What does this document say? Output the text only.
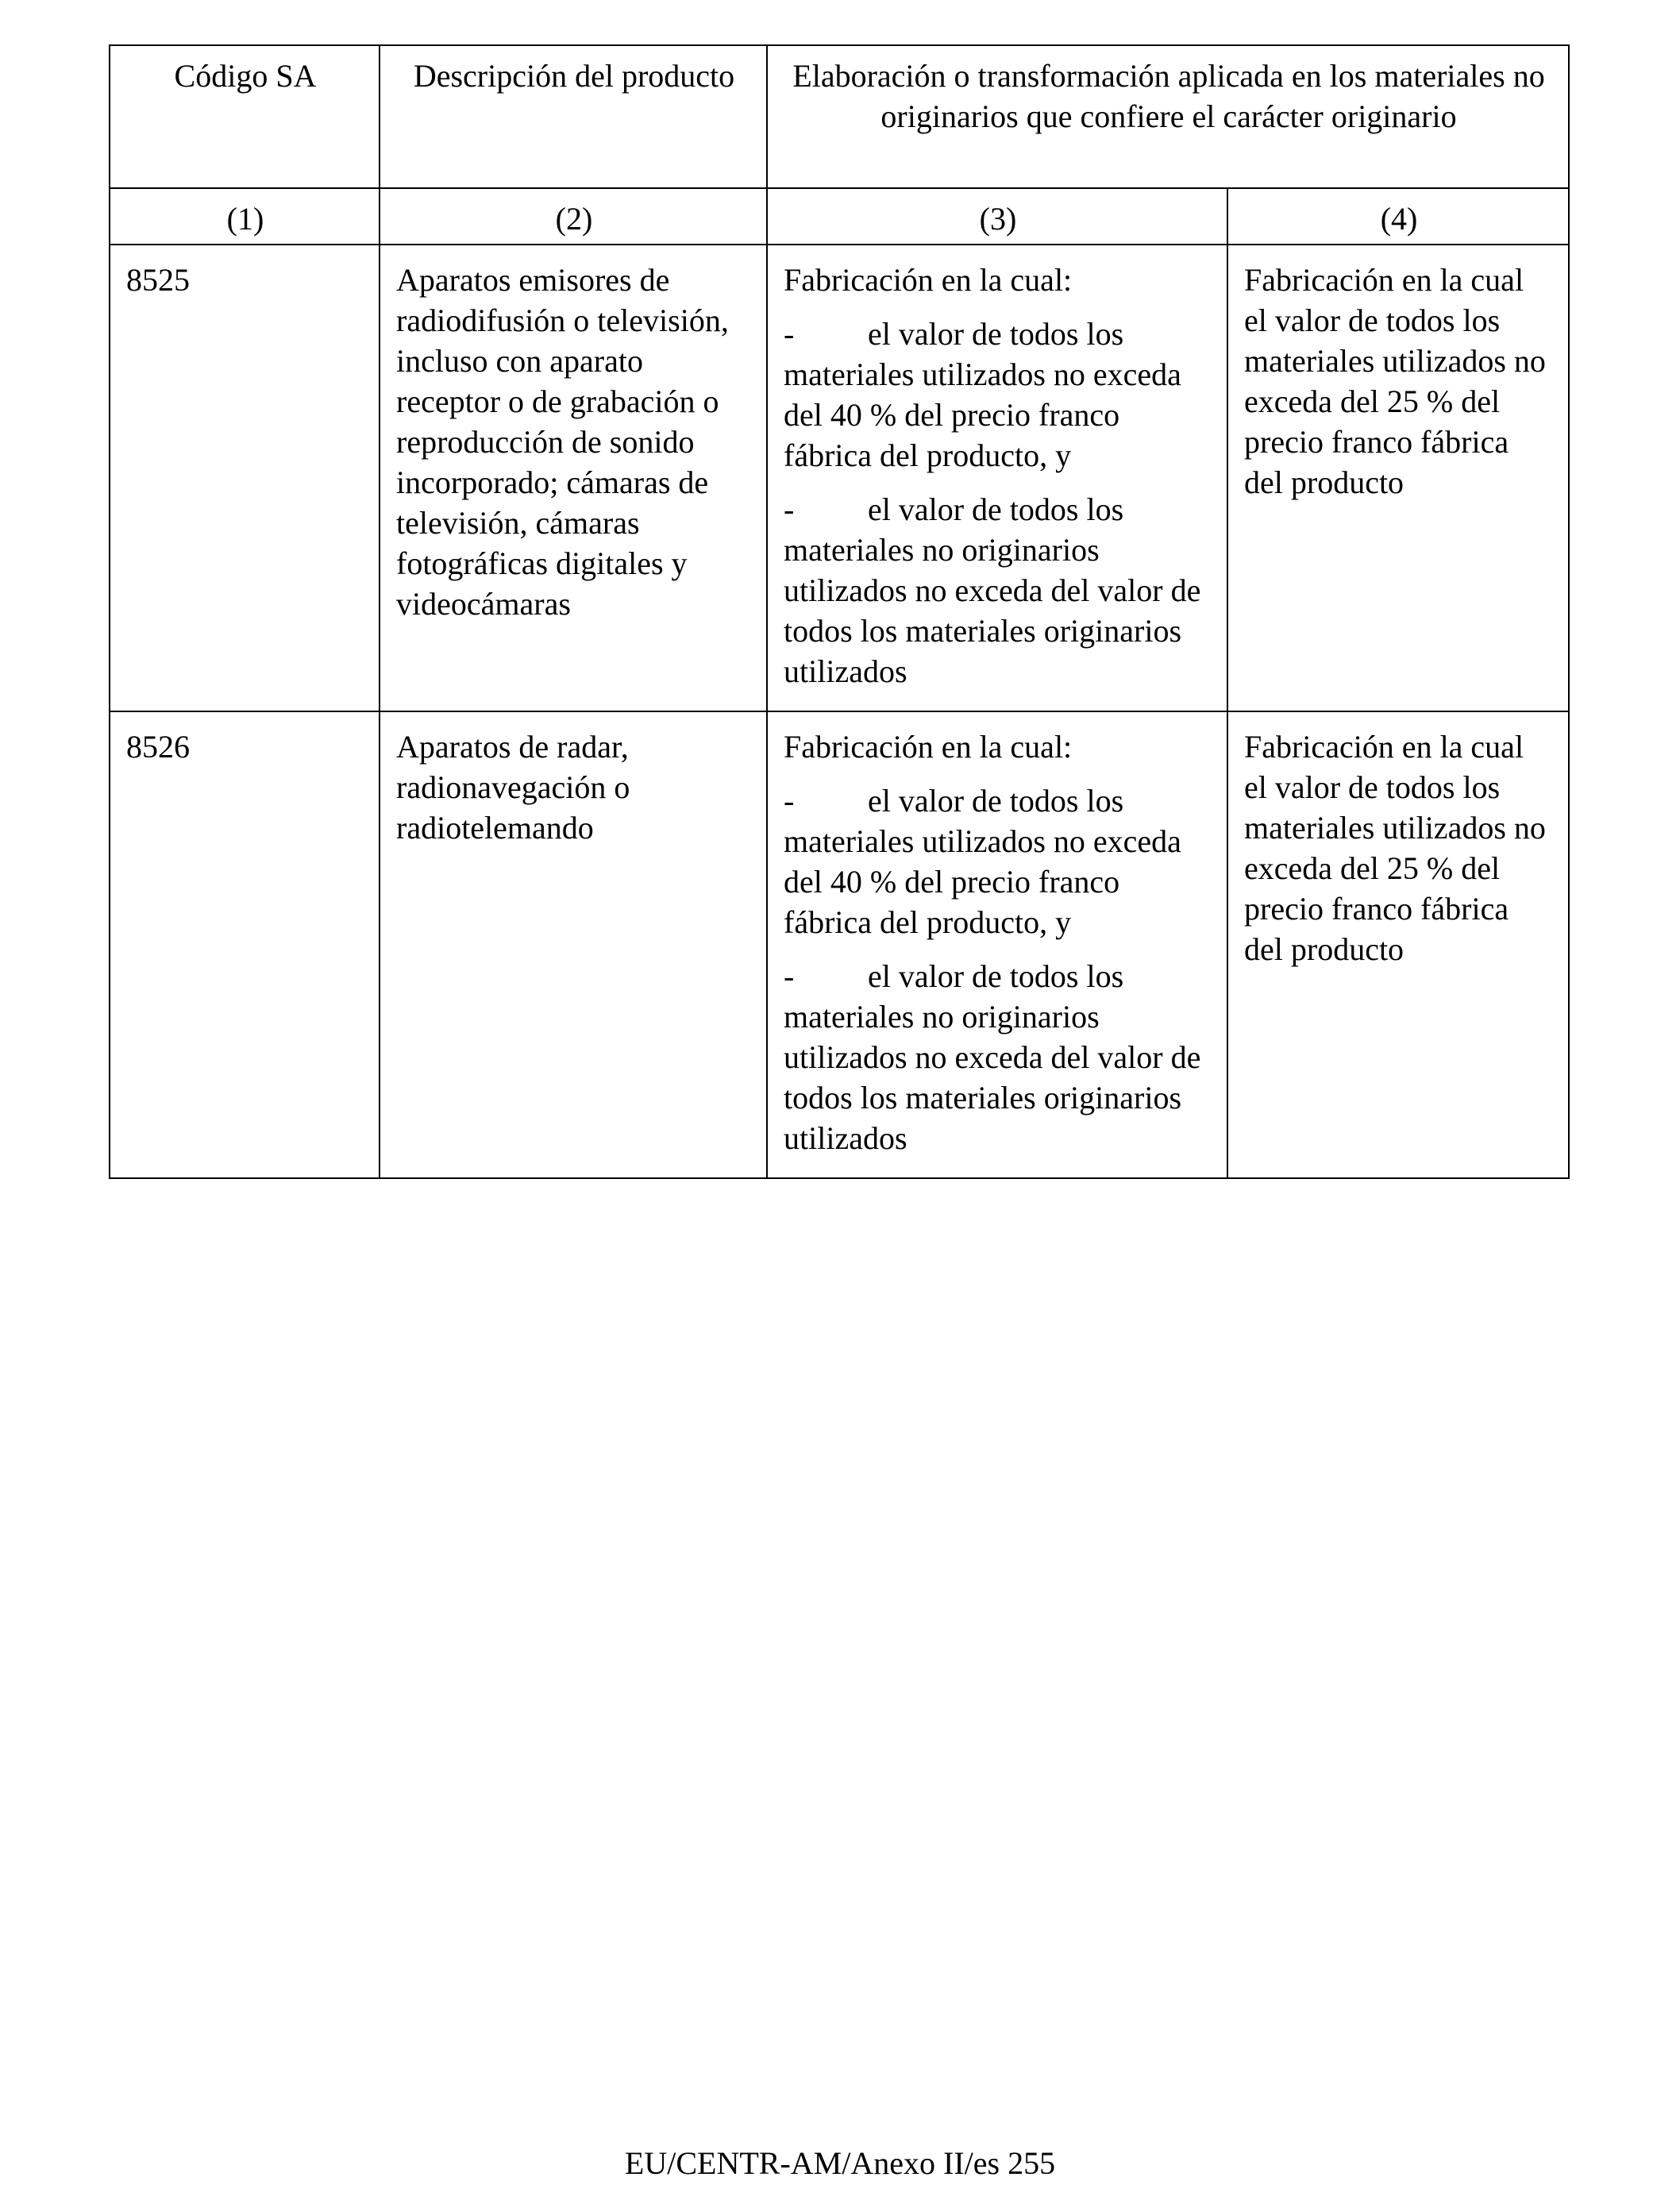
Código SA	Descripción del producto	Elaboración o transformación aplicada en los materiales no originarios que confiere el carácter originario	
(1)	(2)	(3)	(4)
8525	Aparatos emisores de radiodifusión o televisión, incluso con aparato receptor o de grabación o reproducción de sonido incorporado; cámaras de televisión, cámaras fotográficas digitales y videocámaras	Fabricación en la cual:
- el valor de todos los materiales utilizados no exceda del 40 % del precio franco fábrica del producto, y
- el valor de todos los materiales no originarios utilizados no exceda del valor de todos los materiales originarios utilizados	Fabricación en la cual el valor de todos los materiales utilizados no exceda del 25 % del precio franco fábrica del producto
8526	Aparatos de radar, radionavegación o radiotelemando	Fabricación en la cual:
- el valor de todos los materiales utilizados no exceda del 40 % del precio franco fábrica del producto, y
- el valor de todos los materiales no originarios utilizados no exceda del valor de todos los materiales originarios utilizados	Fabricación en la cual el valor de todos los materiales utilizados no exceda del 25 % del precio franco fábrica del producto
EU/CENTR-AM/Anexo II/es 255
